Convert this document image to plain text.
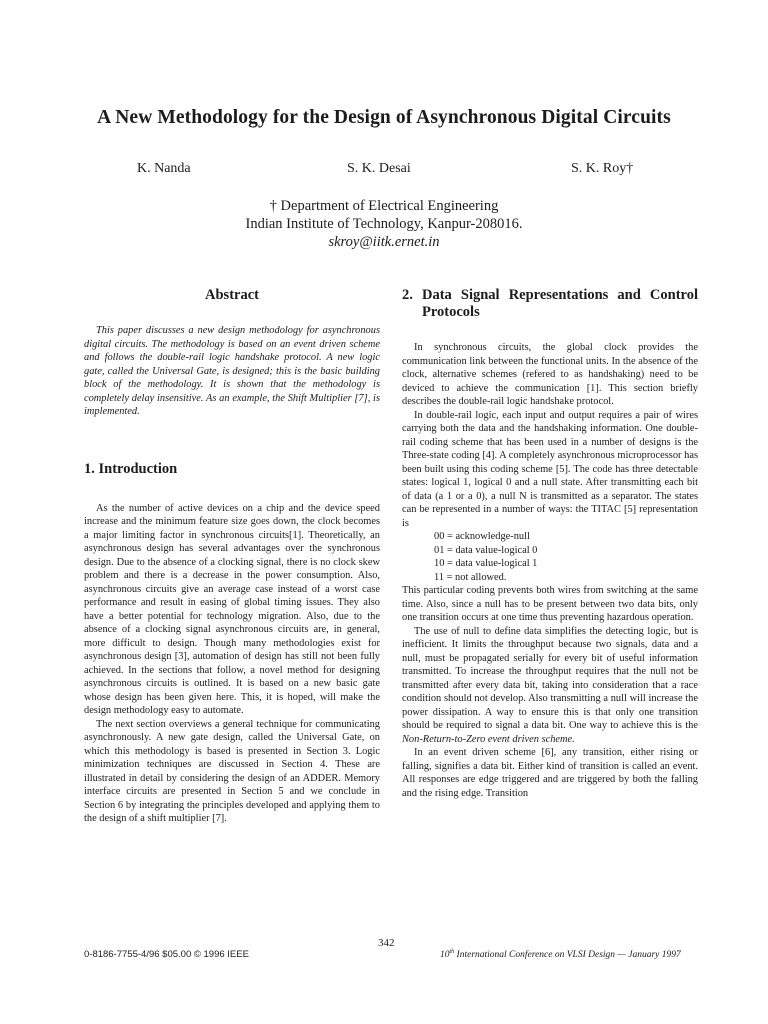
A New Methodology for the Design of Asynchronous Digital Circuits
K. Nanda	S. K. Desai	S. K. Roy†
† Department of Electrical Engineering
Indian Institute of Technology, Kanpur-208016.
skroy@iitk.ernet.in
Abstract

This paper discusses a new design methodology for asynchronous digital circuits. The methodology is based on an event driven scheme and follows the double-rail logic handshake protocol. A new logic gate, called the Universal Gate, is designed; this is the basic building block of the methodology. It is shown that the methodology is completely delay insensitive. As an example, the Shift Multiplier [7], is implemented.

1. Introduction

As the number of active devices on a chip and the device speed increase and the minimum feature size goes down, the clock becomes a major limiting factor in synchronous circuits[1]. Theoretically, an asynchronous design has several advantages over the synchronous design. Due to the absence of a clocking signal, there is no clock skew problem and there is a decrease in the power consumption. Also, asynchronous circuits give an average case instead of a worst case performance and result in easing of global timing issues. They also have a better potential for technology migration. Also, due to the absence of a clocking signal asynchronous circuits are, in general, more difficult to design. Though many methodologies exist for asynchronous design [3], automation of design has still not been fully achieved. In the sections that follow, a novel method for designing asynchronous circuits is outlined. It is based on a new basic gate whose design has been given here. This, it is hoped, will make the design methodology easy to automate.

The next section overviews a general technique for communicating asynchronously. A new gate design, called the Universal Gate, on which this methodology is based is presented in Section 3. Logic minimization techniques are discussed in Section 4. These are illustrated in detail by considering the design of an ADDER. Memory interface circuits are presented in Section 5 and we conclude in Section 6 by integrating the principles developed and applying them to the design of a shift multiplier [7].

2. Data Signal Representations and Control Protocols

In synchronous circuits, the global clock provides the communication link between the functional units. In the absence of the clock, alternative schemes (refered to as handshaking) need to be deviced to achieve the communication [1]. This section briefly describes the double-rail logic handshake protocol.

In double-rail logic, each input and output requires a pair of wires carrying both the data and the handshaking information. One double-rail coding scheme that has been used in a number of designs is the Three-state coding [4]. A completely asynchronous microprocessor has been built using this coding scheme [5]. The code has three detectable states: logical 1, logical 0 and a null state. After transmitting each bit of data (a 1 or a 0), a null N is transmitted as a separator. The states can be represented in a number of ways: the TITAC [5] representation is

00 = acknowledge-null
01 = data value-logical 0
10 = data value-logical 1
11 = not allowed.

This particular coding prevents both wires from switching at the same time. Also, since a null has to be present between two data bits, only one transition occurs at one time thus preventing hazardous operation.

The use of null to define data simplifies the detecting logic, but is inefficient. It limits the throughput because two signals, data and a null, must be propagated serially for every bit of useful information transmitted. To increase the throughput requires that the null not be transmitted after every data bit, taking into consideration that a race condition should not develop. Also transmitting a null will increase the power dissipation. A way to ensure this is that only one transition should be required to signal a data bit. One way to achieve this is the Non-Return-to-Zero event driven scheme.

In an event driven scheme [6], any transition, either rising or falling, signifies a data bit. Either kind of transition is called an event. All responses are edge triggered and are triggered by both the falling and the rising edge. Transition

342
0-8186-7755-4/96 $05.00 © 1996 IEEE	10th International Conference on VLSI Design — January 1997
